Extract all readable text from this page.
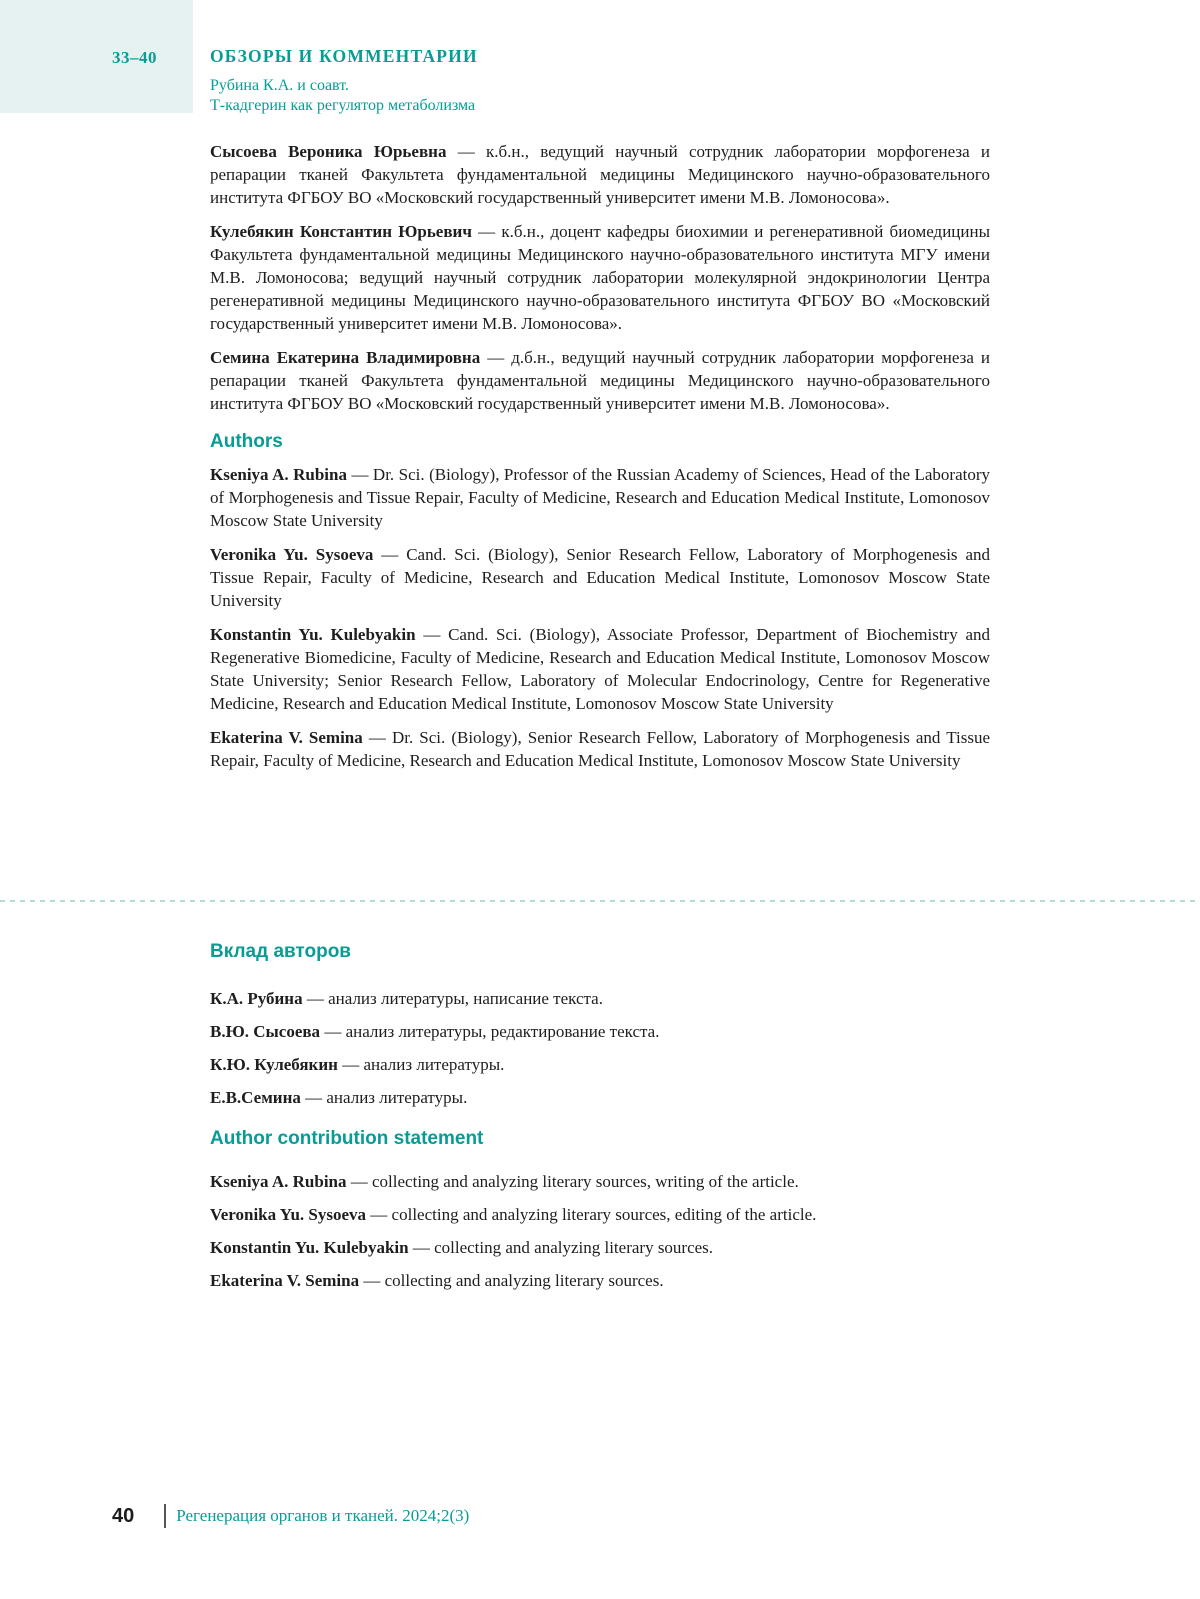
33–40	ОБЗОРЫ И КОММЕНТАРИИ
Рубина К.А. и соавт.
Т-кадгерин как регулятор метаболизма

Сысоева Вероника Юрьевна — к.б.н., ведущий научный сотрудник лаборатории морфогенеза и репарации тканей Факультета фундаментальной медицины Медицинского научно-образовательного института ФГБОУ ВО «Московский государственный университет имени М.В. Ломоносова».

Кулебякин Константин Юрьевич — к.б.н., доцент кафедры биохимии и регенеративной биомедицины Факультета фундаментальной медицины Медицинского научно-образовательного института МГУ имени М.В. Ломоносова; ведущий научный сотрудник лаборатории молекулярной эндокринологии Центра регенеративной медицины Медицинского научно-образовательного института ФГБОУ ВО «Московский государственный университет имени М.В. Ломоносова».

Семина Екатерина Владимировна — д.б.н., ведущий научный сотрудник лаборатории морфогенеза и репарации тканей Факультета фундаментальной медицины Медицинского научно-образовательного института ФГБОУ ВО «Московский государственный университет имени М.В. Ломоносова».

Authors

Kseniya A. Rubina — Dr. Sci. (Biology), Professor of the Russian Academy of Sciences, Head of the Laboratory of Morphogenesis and Tissue Repair, Faculty of Medicine, Research and Education Medical Institute, Lomonosov Moscow State University

Veronika Yu. Sysoeva — Cand. Sci. (Biology), Senior Research Fellow, Laboratory of Morphogenesis and Tissue Repair, Faculty of Medicine, Research and Education Medical Institute, Lomonosov Moscow State University

Konstantin Yu. Kulebyakin — Cand. Sci. (Biology), Associate Professor, Department of Biochemistry and Regenerative Biomedicine, Faculty of Medicine, Research and Education Medical Institute, Lomonosov Moscow State University; Senior Research Fellow, Laboratory of Molecular Endocrinology, Centre for Regenerative Medicine, Research and Education Medical Institute, Lomonosov Moscow State University

Ekaterina V. Semina — Dr. Sci. (Biology), Senior Research Fellow, Laboratory of Morphogenesis and Tissue Repair, Faculty of Medicine, Research and Education Medical Institute, Lomonosov Moscow State University

Вклад авторов

К.А. Рубина — анализ литературы, написание текста.

В.Ю. Сысоева — анализ литературы, редактирование текста.

К.Ю. Кулебякин — анализ литературы.

Е.В.Семина — анализ литературы.

Author contribution statement

Kseniya A. Rubina — collecting and analyzing literary sources, writing of the article.

Veronika Yu. Sysoeva — collecting and analyzing literary sources, editing of the article.

Konstantin Yu. Kulebyakin — collecting and analyzing literary sources.

Ekaterina V. Semina — collecting and analyzing literary sources.

40 Регенерация органов и тканей. 2024;2(3)
